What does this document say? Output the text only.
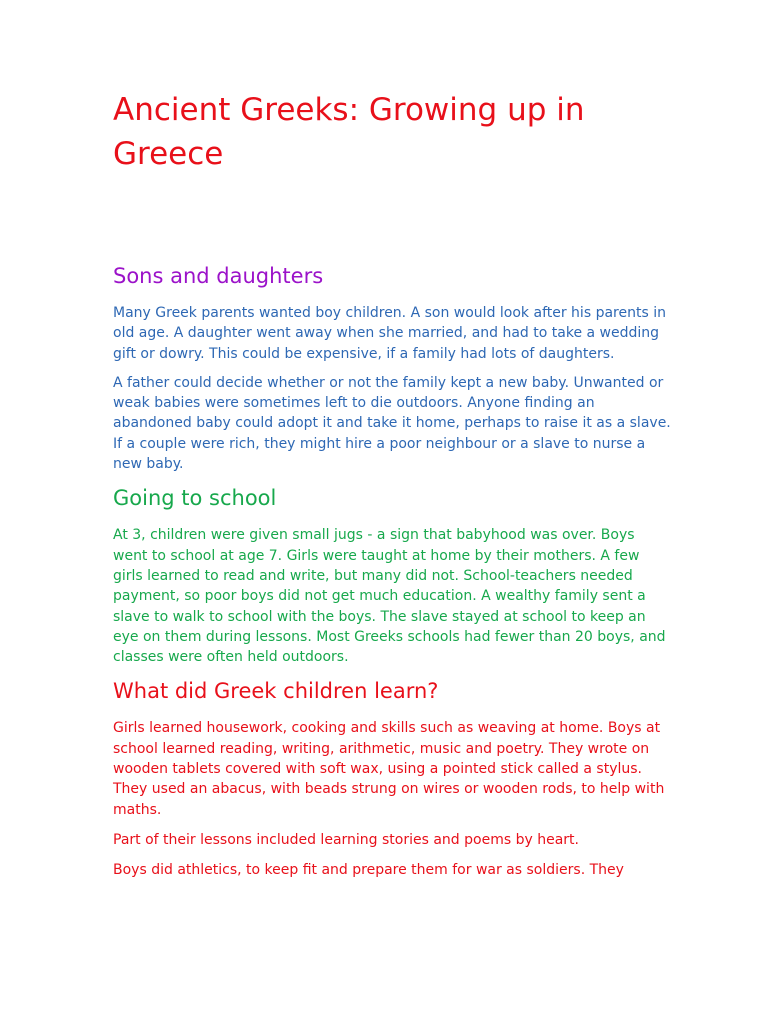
Ancient Greeks: Growing up in Greece
Sons and daughters

Many Greek parents wanted boy children. A son would look after his parents in old age. A daughter went away when she married, and had to take a wedding gift or dowry. This could be expensive, if a family had lots of daughters.

A father could decide whether or not the family kept a new baby. Unwanted or weak babies were sometimes left to die outdoors. Anyone finding an abandoned baby could adopt it and take it home, perhaps to raise it as a slave. If a couple were rich, they might hire a poor neighbour or a slave to nurse a new baby.

Going to school

At 3, children were given small jugs - a sign that babyhood was over. Boys went to school at age 7. Girls were taught at home by their mothers. A few girls learned to read and write, but many did not. School-teachers needed payment, so poor boys did not get much education. A wealthy family sent a slave to walk to school with the boys. The slave stayed at school to keep an eye on them during lessons. Most Greeks schools had fewer than 20 boys, and classes were often held outdoors.

What did Greek children learn?

Girls learned housework, cooking and skills such as weaving at home. Boys at school learned reading, writing, arithmetic, music and poetry. They wrote on wooden tablets covered with soft wax, using a pointed stick called a stylus. They used an abacus, with beads strung on wires or wooden rods, to help with maths.

Part of their lessons included learning stories and poems by heart.

Boys did athletics, to keep fit and prepare them for war as soldiers. They
